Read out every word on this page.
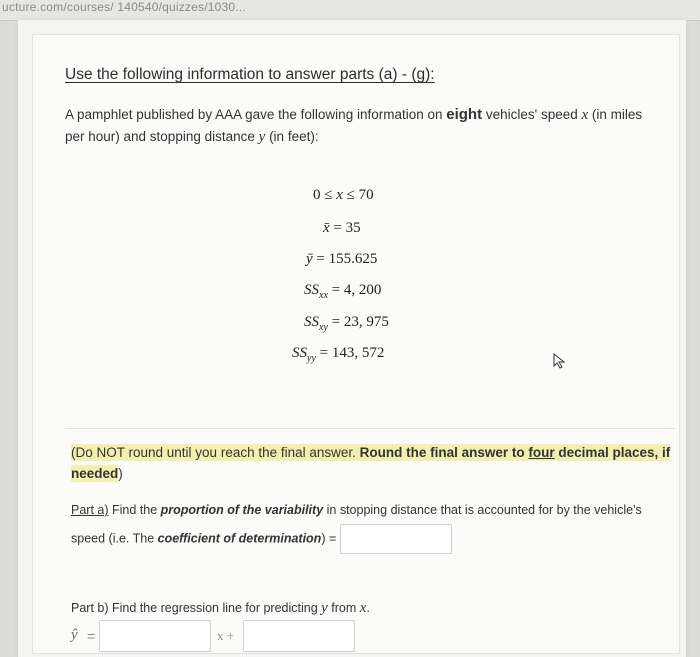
ucture.com/courses/ 140540/quizzes/1030...
Use the following information to answer parts (a) - (g):
A pamphlet published by AAA gave the following information on eight vehicles' speed x (in miles per hour) and stopping distance y (in feet):
0 ≤ x ≤ 70
x̄ = 35
ȳ = 155.625
$SS_{xx} = 4$, 200
$SS_{xy} = 23$, 975
$SS_{yy} = 143$, 572
(Do NOT round until you reach the final answer. Round the final answer to four decimal places, if needed)
Part a) Find the proportion of the variability in stopping distance that is accounted for by the vehicle's speed (i.e. The coefficient of determination) =
Part b) Find the regression line for predicting y from x.
ŷ =	x +
